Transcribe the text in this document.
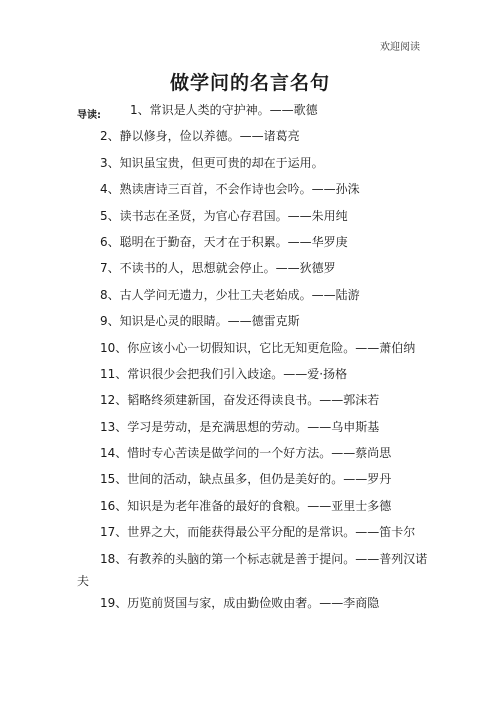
欢迎阅读
做学问的名言名句
导读:	1、常识是人类的守护神。——歌德
2、静以修身，俭以养德。——诸葛亮
3、知识虽宝贵，但更可贵的却在于运用。
4、熟读唐诗三百首，不会作诗也会吟。——孙洙
5、读书志在圣贤，为官心存君国。——朱用纯
6、聪明在于勤奋，天才在于积累。——华罗庚
7、不读书的人，思想就会停止。——狄德罗
8、古人学问无遗力，少壮工夫老始成。——陆游
9、知识是心灵的眼睛。——德雷克斯
10、你应该小心一切假知识，它比无知更危险。——萧伯纳
11、常识很少会把我们引入歧途。——爱·扬格
12、韬略终须建新国，奋发还得读良书。——郭沫若
13、学习是劳动，是充满思想的劳动。——乌申斯基
14、惜时专心苦读是做学问的一个好方法。——蔡尚思
15、世间的活动，缺点虽多，但仍是美好的。——罗丹
16、知识是为老年准备的最好的食粮。——亚里士多德
17、世界之大，而能获得最公平分配的是常识。——笛卡尔
18、有教养的头脑的第一个标志就是善于提问。——普列汉诺
夫
19、历览前贤国与家，成由勤俭败由奢。——李商隐
